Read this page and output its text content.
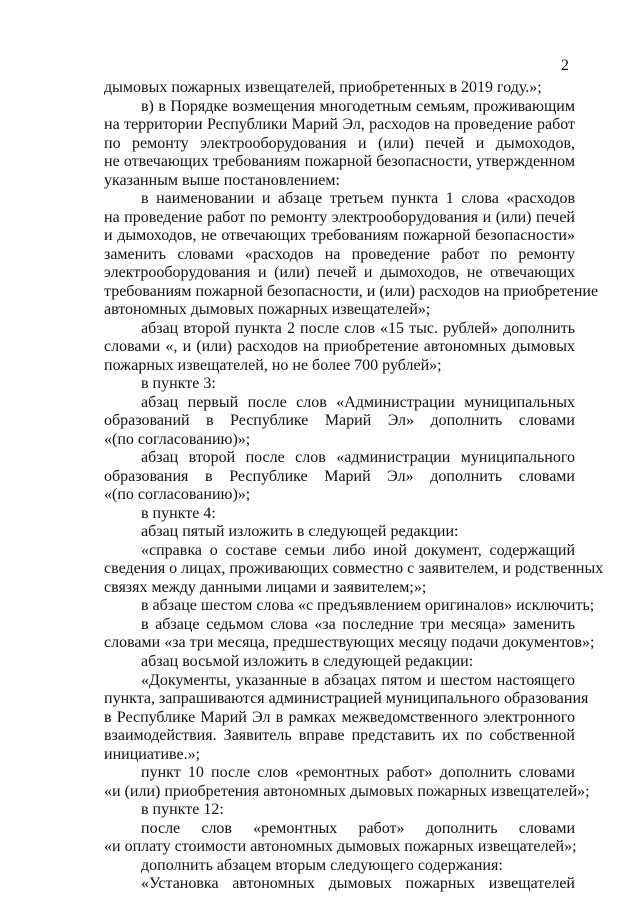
2
дымовых пожарных извещателей, приобретенных в 2019 году.»;
в) в Порядке возмещения многодетным семьям, проживающим
на территории Республики Марий Эл, расходов на проведение работ
по ремонту электрооборудования и (или) печей и дымоходов,
не отвечающих требованиям пожарной безопасности, утвержденном
указанным выше постановлением:
в наименовании и абзаце третьем пункта 1 слова «расходов
на проведение работ по ремонту электрооборудования и (или) печей
и дымоходов, не отвечающих требованиям пожарной безопасности»
заменить словами «расходов на проведение работ по ремонту
электрооборудования и (или) печей и дымоходов, не отвечающих
требованиям пожарной безопасности, и (или) расходов на приобретение
автономных дымовых пожарных извещателей»;
абзац второй пункта 2 после слов «15 тыс. рублей» дополнить
словами «, и (или) расходов на приобретение автономных дымовых
пожарных извещателей, но не более 700 рублей»;
в пункте 3:
абзац первый после слов «Администрации муниципальных
образований в Республике Марий Эл» дополнить словами
«(по согласованию)»;
абзац второй после слов «администрации муниципального
образования в Республике Марий Эл» дополнить словами
«(по согласованию)»;
в пункте 4:
абзац пятый изложить в следующей редакции:
«справка о составе семьи либо иной документ, содержащий
сведения о лицах, проживающих совместно с заявителем, и родственных
связях между данными лицами и заявителем;»;
в абзаце шестом слова «с предъявлением оригиналов» исключить;
в абзаце седьмом слова «за последние три месяца» заменить
словами «за три месяца, предшествующих месяцу подачи документов»;
абзац восьмой изложить в следующей редакции:
«Документы, указанные в абзацах пятом и шестом настоящего
пункта, запрашиваются администрацией муниципального образования
в Республике Марий Эл в рамках межведомственного электронного
взаимодействия. Заявитель вправе представить их по собственной
инициативе.»;
пункт 10 после слов «ремонтных работ» дополнить словами
«и (или) приобретения автономных дымовых пожарных извещателей»;
в пункте 12:
после слов «ремонтных работ» дополнить словами
«и оплату стоимости автономных дымовых пожарных извещателей»;
дополнить абзацем вторым следующего содержания:
«Установка автономных дымовых пожарных извещателей
